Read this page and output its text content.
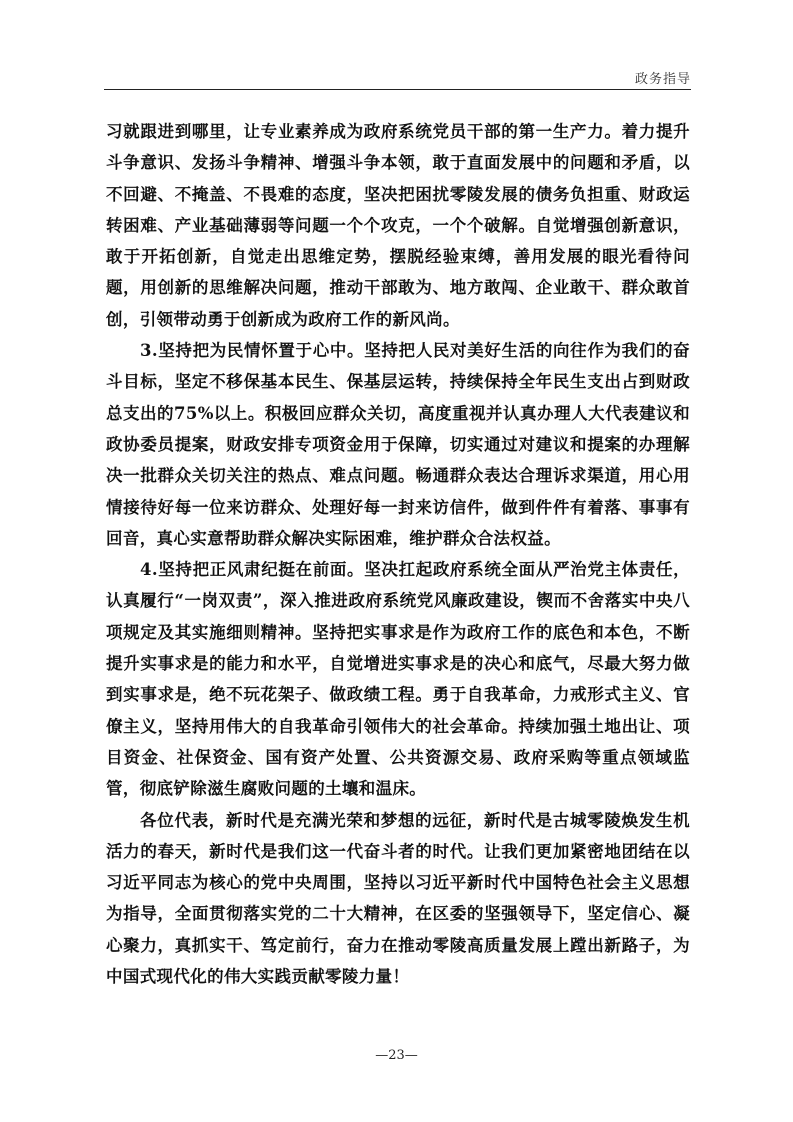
政务指导

习就跟进到哪里，让专业素养成为政府系统党员干部的第一生产力。着力提升斗争意识、发扬斗争精神、增强斗争本领，敢于直面发展中的问题和矛盾，以不回避、不掩盖、不畏难的态度，坚决把困扰零陵发展的债务负担重、财政运转困难、产业基础薄弱等问题一个个攻克，一个个破解。自觉增强创新意识，敢于开拓创新，自觉走出思维定势，摆脱经验束缚，善用发展的眼光看待问题，用创新的思维解决问题，推动干部敢为、地方敢闯、企业敢干、群众敢首创，引领带动勇于创新成为政府工作的新风尚。

3.坚持把为民情怀置于心中。坚持把人民对美好生活的向往作为我们的奋斗目标，坚定不移保基本民生、保基层运转，持续保持全年民生支出占到财政总支出的75%以上。积极回应群众关切，高度重视并认真办理人大代表建议和政协委员提案，财政安排专项资金用于保障，切实通过对建议和提案的办理解决一批群众关切关注的热点、难点问题。畅通群众表达合理诉求渠道，用心用情接待好每一位来访群众、处理好每一封来访信件，做到件件有着落、事事有回音，真心实意帮助群众解决实际困难，维护群众合法权益。

4.坚持把正风肃纪挺在前面。坚决扛起政府系统全面从严治党主体责任，认真履行“一岗双责”，深入推进政府系统党风廉政建设，锲而不舍落实中央八项规定及其实施细则精神。坚持把实事求是作为政府工作的底色和本色，不断提升实事求是的能力和水平，自觉增进实事求是的决心和底气，尽最大努力做到实事求是，绝不玩花架子、做政绩工程。勇于自我革命，力戒形式主义、官僚主义，坚持用伟大的自我革命引领伟大的社会革命。持续加强土地出让、项目资金、社保资金、国有资产处置、公共资源交易、政府采购等重点领域监管，彻底铲除滋生腐败问题的土壤和温床。

各位代表，新时代是充满光荣和梦想的远征，新时代是古城零陵焕发生机活力的春天，新时代是我们这一代奋斗者的时代。让我们更加紧密地团结在以习近平同志为核心的党中央周围，坚持以习近平新时代中国特色社会主义思想为指导，全面贯彻落实党的二十大精神，在区委的坚强领导下，坚定信心、凝心聚力，真抓实干、笃定前行，奋力在推动零陵高质量发展上蹚出新路子，为中国式现代化的伟大实践贡献零陵力量！

—23—
